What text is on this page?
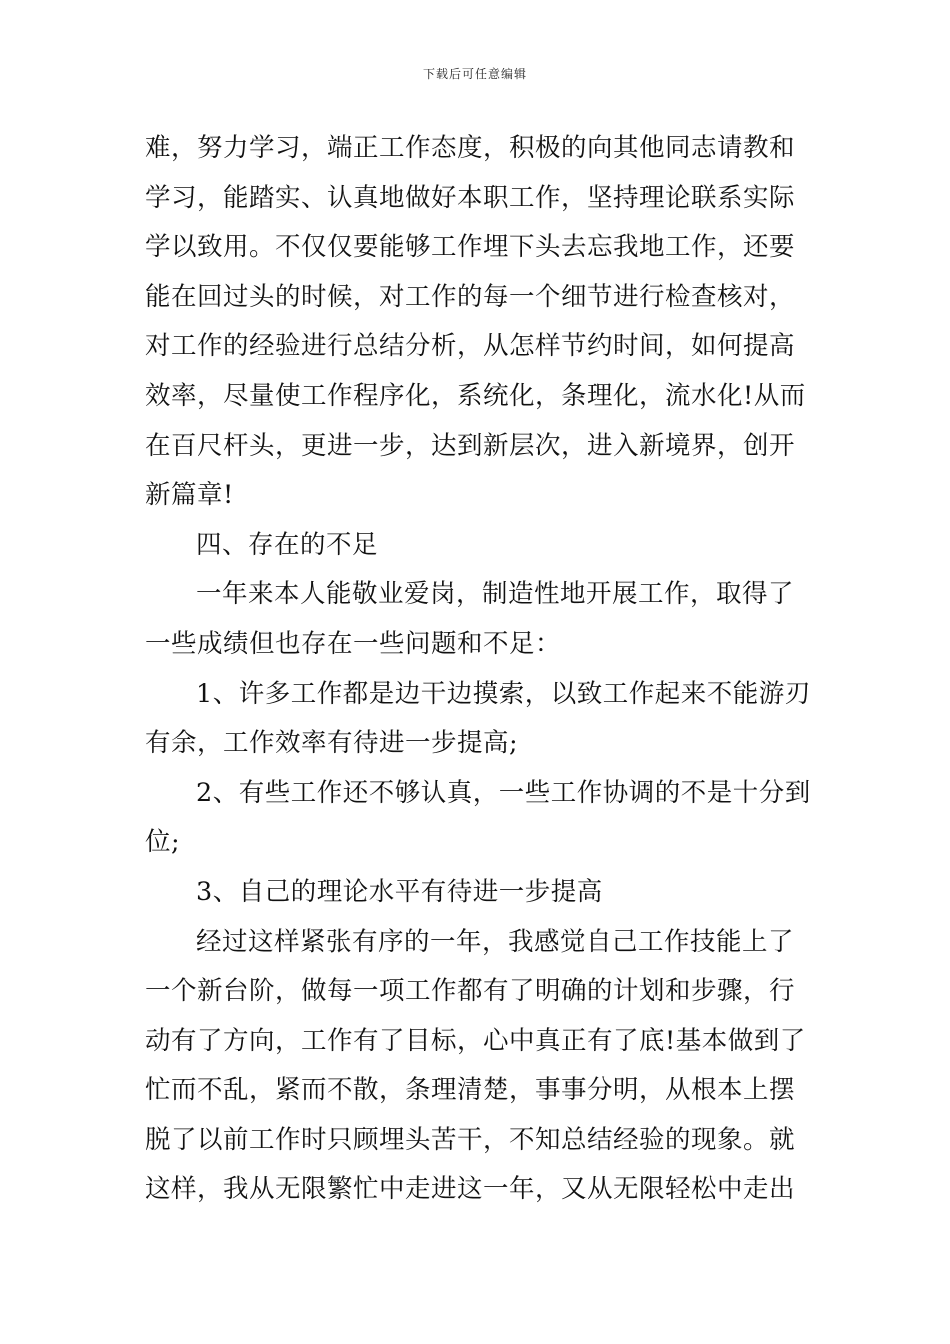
下载后可任意编辑
难，努力学习，端正工作态度，积极的向其他同志请教和
学习，能踏实、认真地做好本职工作，坚持理论联系实际
学以致用。不仅仅要能够工作埋下头去忘我地工作，还要
能在回过头的时候，对工作的每一个细节进行检查核对，
对工作的经验进行总结分析，从怎样节约时间，如何提高
效率，尽量使工作程序化，系统化，条理化，流水化!从而
在百尺杆头，更进一步，达到新层次，进入新境界，创开
新篇章!
四、存在的不足
一年来本人能敬业爱岗，制造性地开展工作，取得了
一些成绩但也存在一些问题和不足：
1、许多工作都是边干边摸索，以致工作起来不能游刃
有余，工作效率有待进一步提高;
2、有些工作还不够认真，一些工作协调的不是十分到
位;
3、自己的理论水平有待进一步提高
经过这样紧张有序的一年，我感觉自己工作技能上了
一个新台阶，做每一项工作都有了明确的计划和步骤，行
动有了方向，工作有了目标，心中真正有了底!基本做到了
忙而不乱，紧而不散，条理清楚，事事分明，从根本上摆
脱了以前工作时只顾埋头苦干，不知总结经验的现象。就
这样，我从无限繁忙中走进这一年，又从无限轻松中走出
